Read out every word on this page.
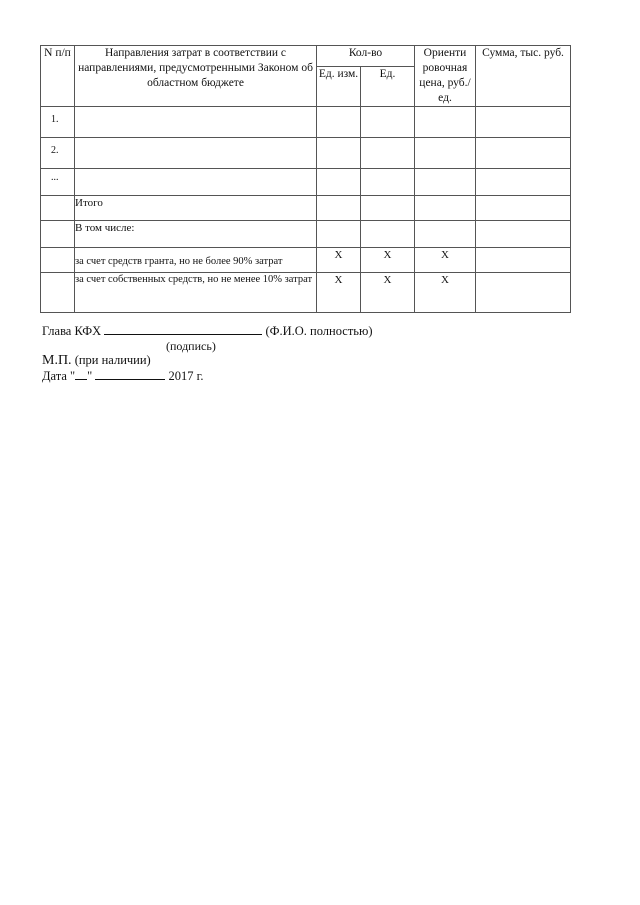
N п/п	Направления затрат в соответствии с направлениями, предусмотренными Законом об областном бюджете	Кол-во		Ориенти ровочная цена, руб./ед.	Сумма, тыс. руб.
		Ед. изм.	Ед.		
1.					
2.					
...					
	Итого				
	В том числе:				
	за счет средств гранта, но не более 90% затрат	X	X	X	
	за счет собственных средств, но не менее 10% затрат	X	X	X	
Глава КФХ	(Ф.И.О. полностью)
(подпись)
М.П. (при наличии)
Дата " "	2017 г.
